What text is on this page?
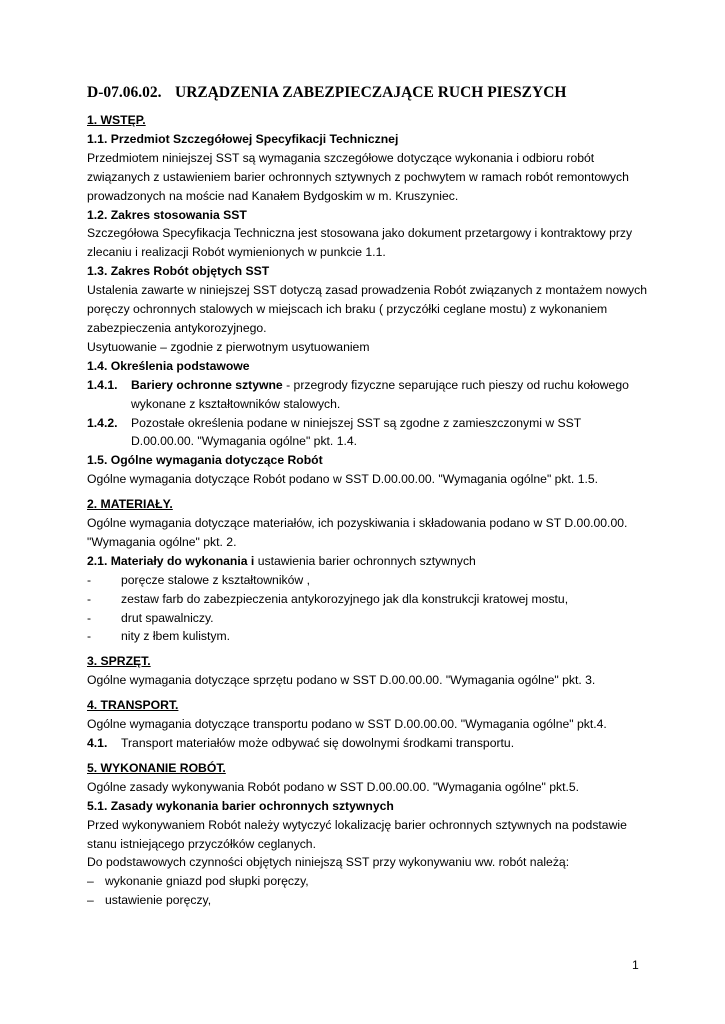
D-07.06.02. URZĄDZENIA ZABEZPIECZAJĄCE RUCH PIESZYCH

1. WSTĘP.

1.1. Przedmiot Szczegółowej Specyfikacji Technicznej

Przedmiotem niniejszej SST są wymagania szczegółowe dotyczące wykonania i odbioru robót związanych z ustawieniem barier ochronnych sztywnych z pochwytem w ramach robót remontowych prowadzonych na moście nad Kanałem Bydgoskim w m. Kruszyniec.

1.2. Zakres stosowania SST

Szczegółowa Specyfikacja Techniczna jest stosowana jako dokument przetargowy i kontraktowy przy zlecaniu i realizacji Robót wymienionych w punkcie 1.1.

1.3. Zakres Robót objętych SST

Ustalenia zawarte w niniejszej SST dotyczą zasad prowadzenia Robót związanych z montażem nowych poręczy ochronnych stalowych w miejscach ich braku ( przyczółki ceglane mostu) z wykonaniem zabezpieczenia antykorozyjnego.

Usytuowanie – zgodnie z pierwotnym usytuowaniem

1.4. Określenia podstawowe

1.4.1.	Bariery ochronne sztywne - przegrody fizyczne separujące ruch pieszy od ruchu kołowego wykonane z kształtowników stalowych.
1.4.2.	Pozostałe określenia podane w niniejszej SST są zgodne z zamieszczonymi w SST D.00.00.00. "Wymagania ogólne" pkt. 1.4.

1.5. Ogólne wymagania dotyczące Robót

Ogólne wymagania dotyczące Robót podano w SST D.00.00.00. "Wymagania ogólne" pkt. 1.5.

2. MATERIAŁY.

Ogólne wymagania dotyczące materiałów, ich pozyskiwania i składowania podano w ST D.00.00.00. "Wymagania ogólne" pkt. 2.

2.1. Materiały do wykonania i ustawienia barier ochronnych sztywnych

-	poręcze stalowe z kształtowników ,
-	zestaw farb do zabezpieczenia antykorozyjnego jak dla konstrukcji kratowej mostu,
-	drut spawalniczy.
-	nity z łbem kulistym.

3. SPRZĘT.

Ogólne wymagania dotyczące sprzętu podano w SST D.00.00.00. "Wymagania ogólne" pkt. 3.

4. TRANSPORT.

Ogólne wymagania dotyczące transportu podano w SST D.00.00.00. "Wymagania ogólne" pkt.4.

4.1.	Transport materiałów może odbywać się dowolnymi środkami transportu.

5. WYKONANIE ROBÓT.

Ogólne zasady wykonywania Robót podano w SST D.00.00.00. "Wymagania ogólne" pkt.5.

5.1. Zasady wykonania barier ochronnych sztywnych

Przed wykonywaniem Robót należy wytyczyć lokalizację barier ochronnych sztywnych na podstawie stanu istniejącego przyczółków ceglanych.

Do podstawowych czynności objętych niniejszą SST przy wykonywaniu ww. robót należą:

– wykonanie gniazd pod słupki poręczy,
– ustawienie poręczy,
1
